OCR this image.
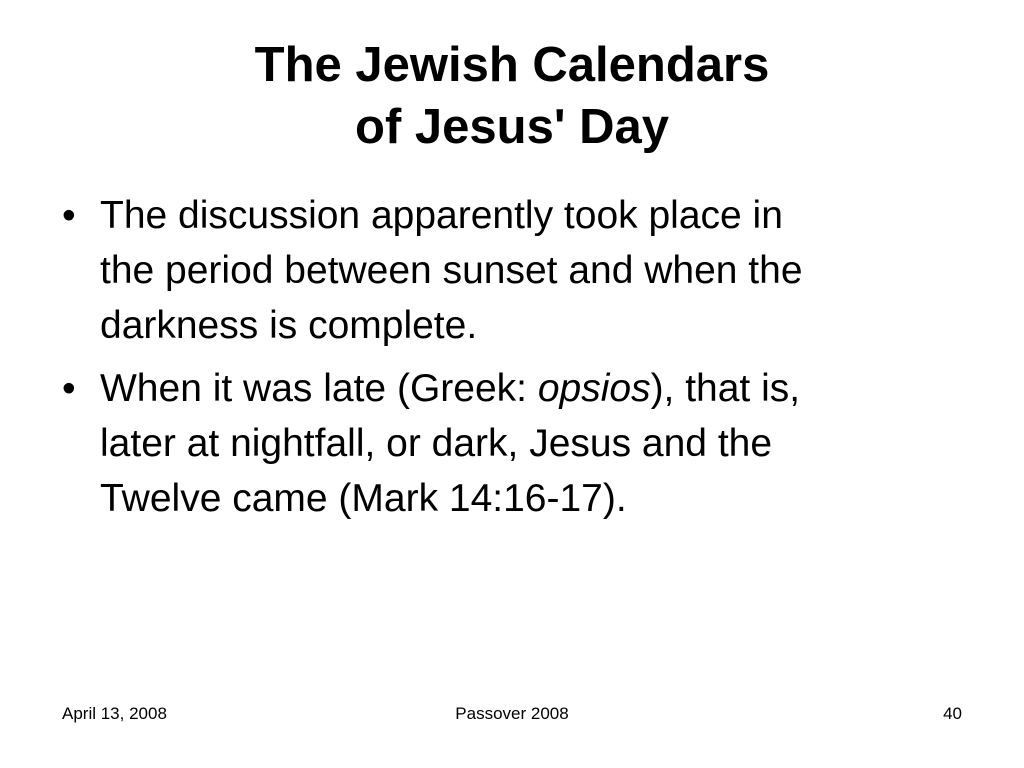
The Jewish Calendars
of Jesus' Day
• The discussion apparently took place in
the period between sunset and when the
darkness is complete.
• When it was late (Greek: opsios), that is,
later at nightfall, or dark, Jesus and the
Twelve came (Mark 14:16-17).
April 13, 2008	Passover 2008	40
